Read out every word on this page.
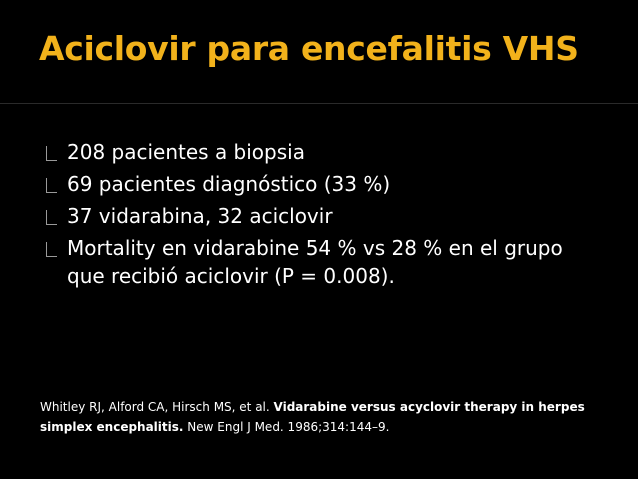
Aciclovir para encefalitis VHS
208 pacientes a biopsia
69 pacientes diagnóstico (33 %)
37 vidarabina, 32 aciclovir
Mortality en vidarabine 54 % vs 28 % en el grupo que recibió aciclovir (P = 0.008).

Whitley RJ, Alford CA, Hirsch MS, et al. Vidarabine versus acyclovir therapy in herpes simplex encephalitis. New Engl J Med. 1986;314:144–9.
